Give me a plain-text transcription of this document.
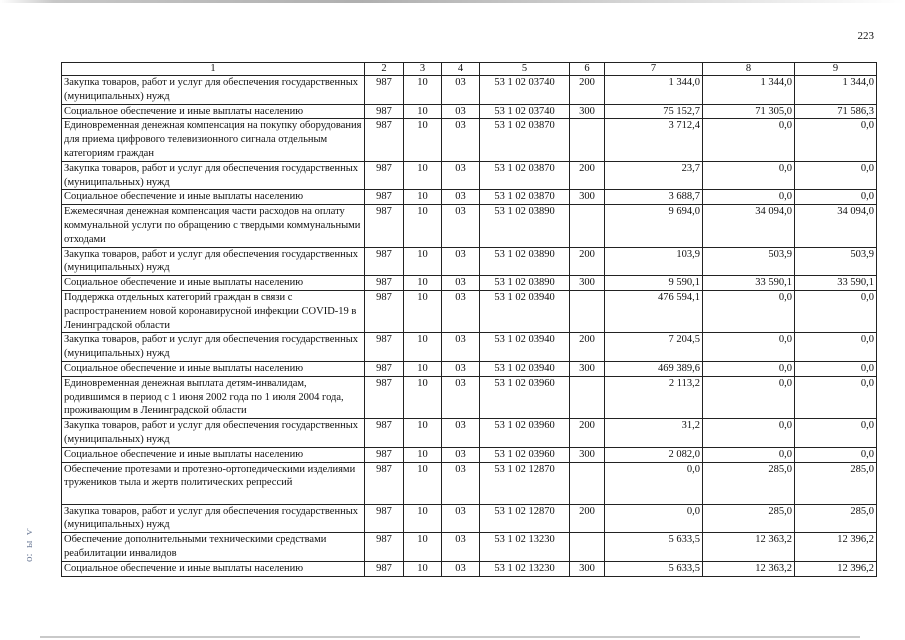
223
о:  ы  ѵ
1	2	3	4	5	6	7	8	9
Закупка товаров, работ и услуг для обеспечения государственных (муниципальных) нужд	987	10	03	53 1 02 03740	200	1 344,0	1 344,0	1 344,0
Социальное обеспечение и иные выплаты населению	987	10	03	53 1 02 03740	300	75 152,7	71 305,0	71 586,3
Единовременная денежная компенсация на покупку оборудования для приема цифрового телевизионного сигнала отдельным категориям граждан	987	10	03	53 1 02 03870		3 712,4	0,0	0,0
Закупка товаров, работ и услуг для обеспечения государственных (муниципальных) нужд	987	10	03	53 1 02 03870	200	23,7	0,0	0,0
Социальное обеспечение и иные выплаты населению	987	10	03	53 1 02 03870	300	3 688,7	0,0	0,0
Ежемесячная денежная компенсация части расходов на оплату коммунальной услуги по обращению с твердыми коммунальными отходами	987	10	03	53 1 02 03890		9 694,0	34 094,0	34 094,0
Закупка товаров, работ и услуг для обеспечения государственных (муниципальных) нужд	987	10	03	53 1 02 03890	200	103,9	503,9	503,9
Социальное обеспечение и иные выплаты населению	987	10	03	53 1 02 03890	300	9 590,1	33 590,1	33 590,1
Поддержка отдельных категорий граждан в связи с распространением новой коронавирусной инфекции COVID-19 в Ленинградской области	987	10	03	53 1 02 03940		476 594,1	0,0	0,0
Закупка товаров, работ и услуг для обеспечения государственных (муниципальных) нужд	987	10	03	53 1 02 03940	200	7 204,5	0,0	0,0
Социальное обеспечение и иные выплаты населению	987	10	03	53 1 02 03940	300	469 389,6	0,0	0,0
Единовременная денежная выплата детям-инвалидам, родившимся в период с 1 июня 2002 года по 1 июля 2004 года, проживающим в Ленинградской области	987	10	03	53 1 02 03960		2 113,2	0,0	0,0
Закупка товаров, работ и услуг для обеспечения государственных (муниципальных) нужд	987	10	03	53 1 02 03960	200	31,2	0,0	0,0
Социальное обеспечение и иные выплаты населению	987	10	03	53 1 02 03960	300	2 082,0	0,0	0,0
Обеспечение протезами и протезно-ортопедическими изделиями тружеников тыла и жертв политических репрессий	987	10	03	53 1 02 12870		0,0	285,0	285,0
Закупка товаров, работ и услуг для обеспечения государственных (муниципальных) нужд	987	10	03	53 1 02 12870	200	0,0	285,0	285,0
Обеспечение дополнительными техническими средствами реабилитации инвалидов	987	10	03	53 1 02 13230		5 633,5	12 363,2	12 396,2
Социальное обеспечение и иные выплаты населению	987	10	03	53 1 02 13230	300	5 633,5	12 363,2	12 396,2
